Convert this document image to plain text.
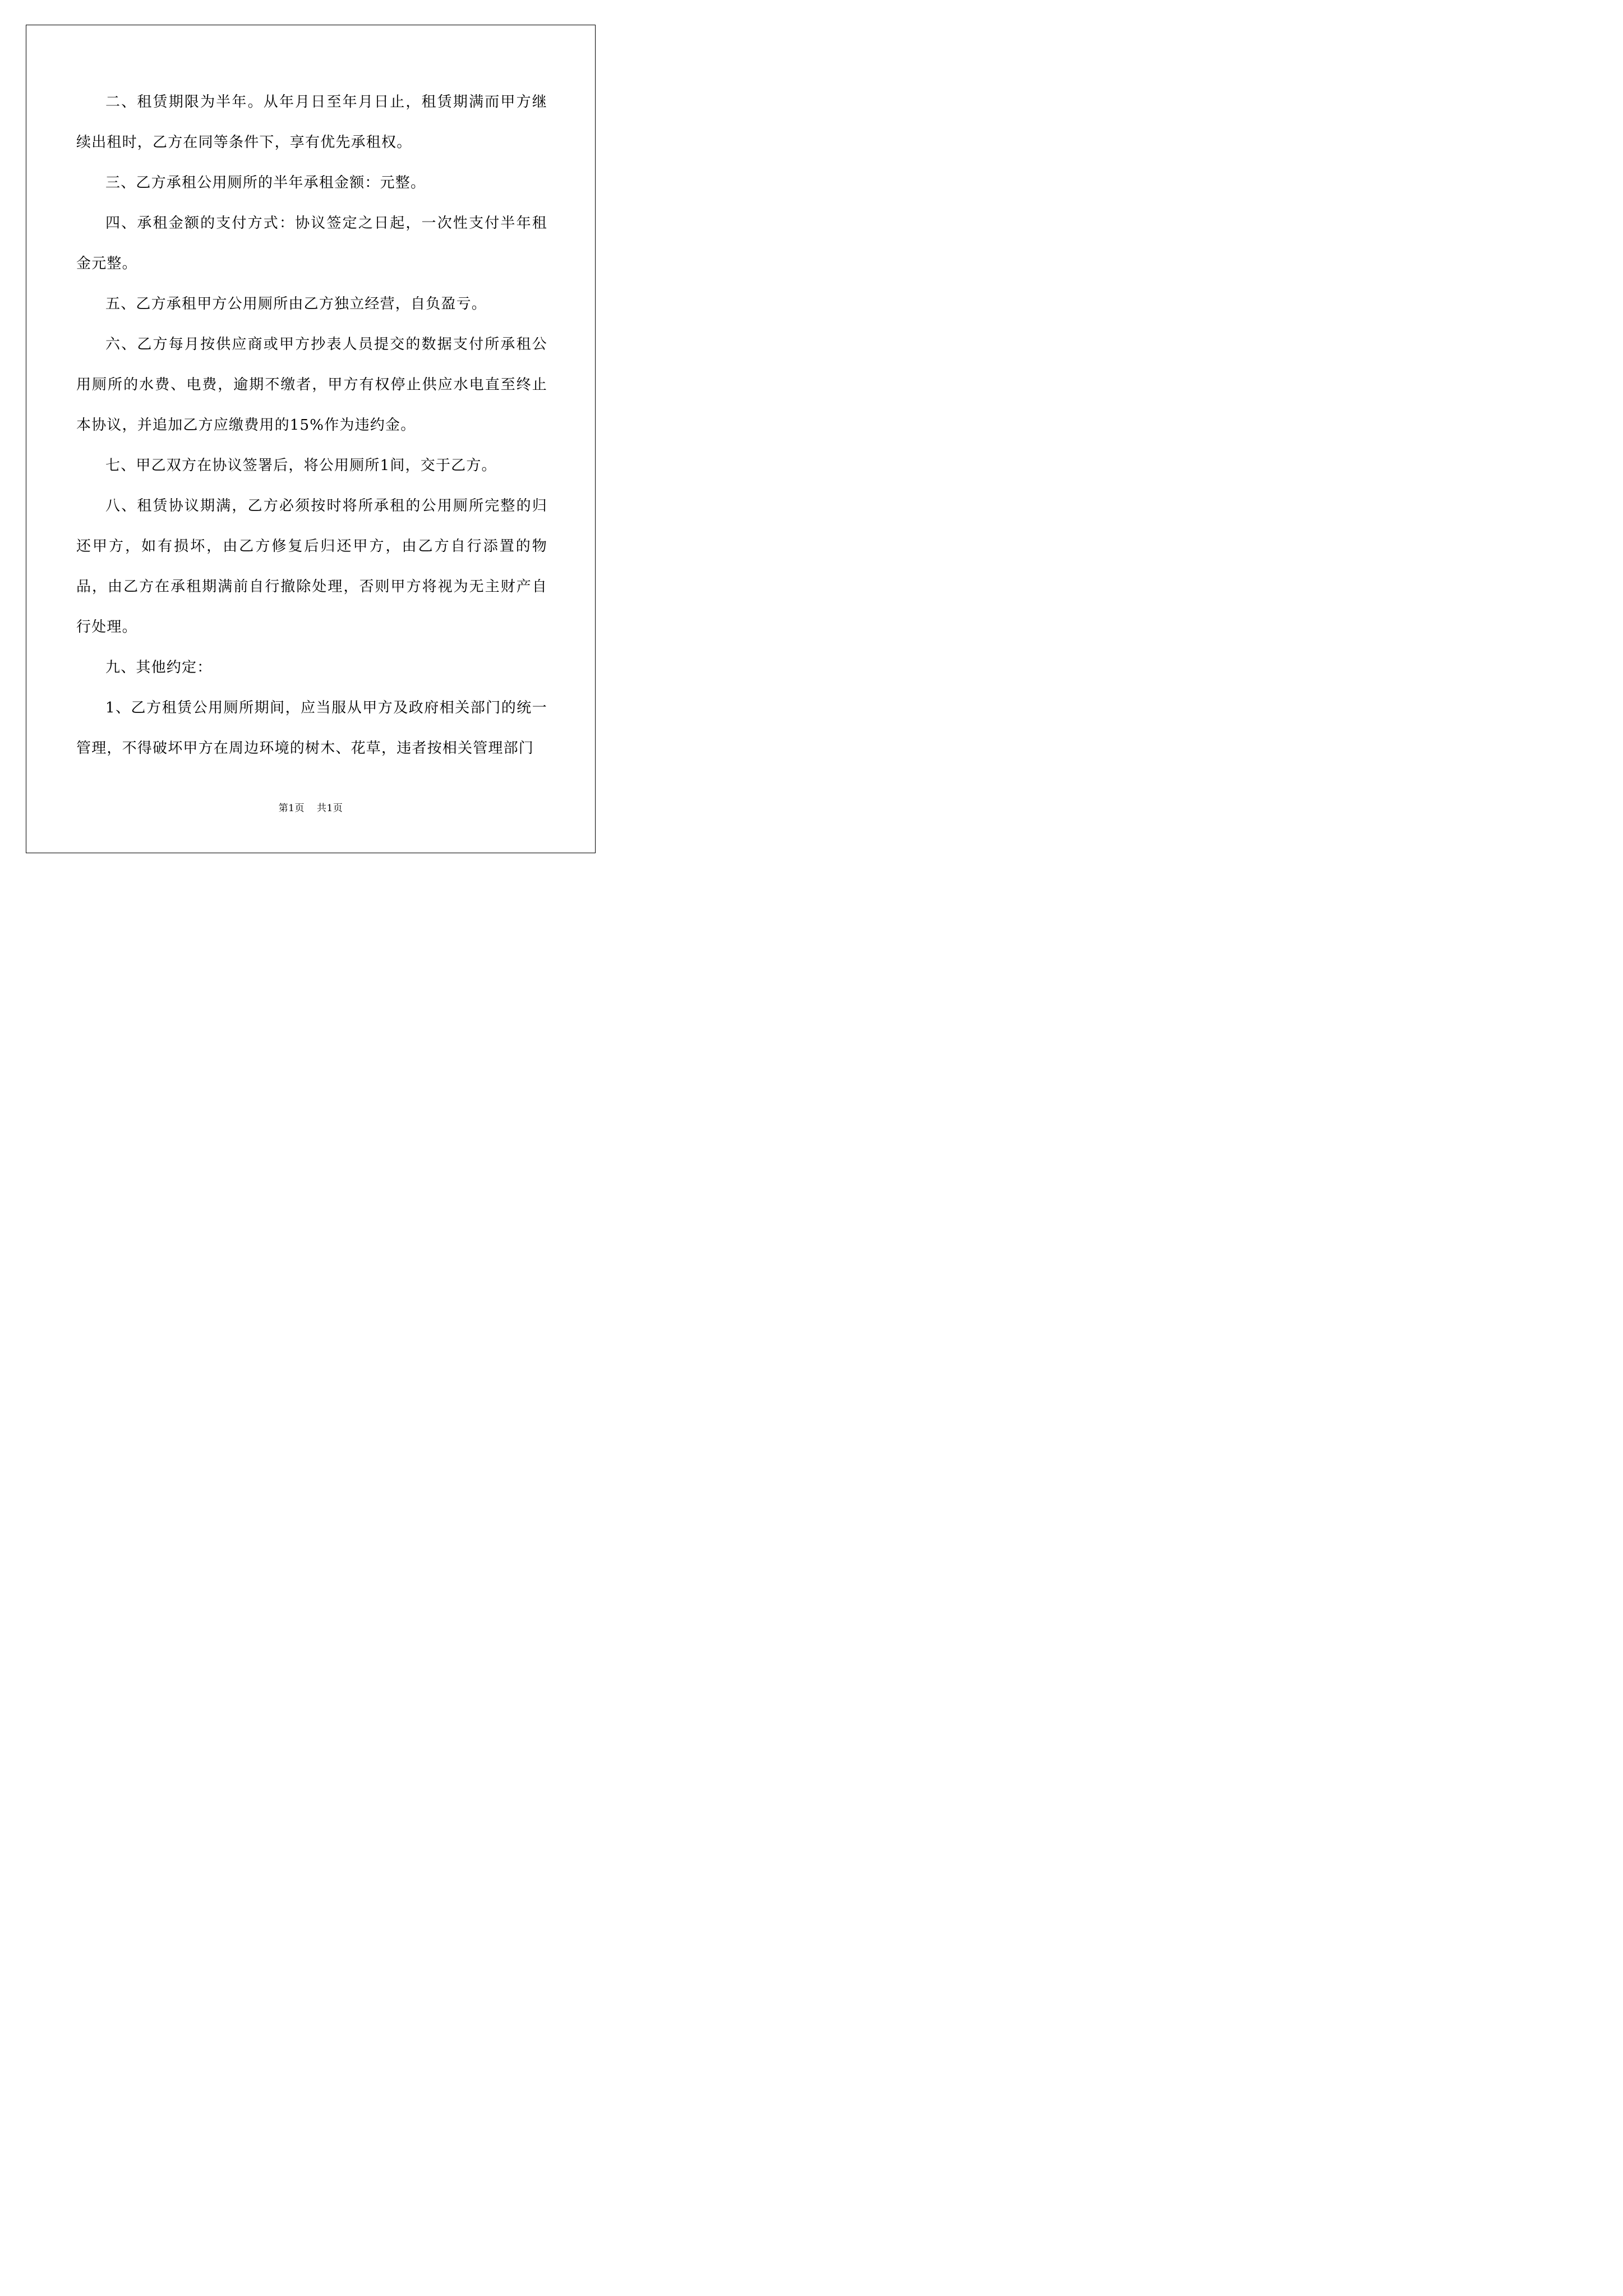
二、租赁期限为半年。从年月日至年月日止，租赁期满而甲方继续出租时，乙方在同等条件下，享有优先承租权。

三、乙方承租公用厕所的半年承租金额：元整。

四、承租金额的支付方式：协议签定之日起，一次性支付半年租金元整。

五、乙方承租甲方公用厕所由乙方独立经营，自负盈亏。

六、乙方每月按供应商或甲方抄表人员提交的数据支付所承租公用厕所的水费、电费，逾期不缴者，甲方有权停止供应水电直至终止本协议，并追加乙方应缴费用的15%作为违约金。

七、甲乙双方在协议签署后，将公用厕所1间，交于乙方。

八、租赁协议期满，乙方必须按时将所承租的公用厕所完整的归还甲方，如有损坏，由乙方修复后归还甲方，由乙方自行添置的物品，由乙方在承租期满前自行撤除处理，否则甲方将视为无主财产自行处理。

九、其他约定：

1、乙方租赁公用厕所期间，应当服从甲方及政府相关部门的统一管理，不得破坏甲方在周边环境的树木、花草，违者按相关管理部门

第1页 共1页
